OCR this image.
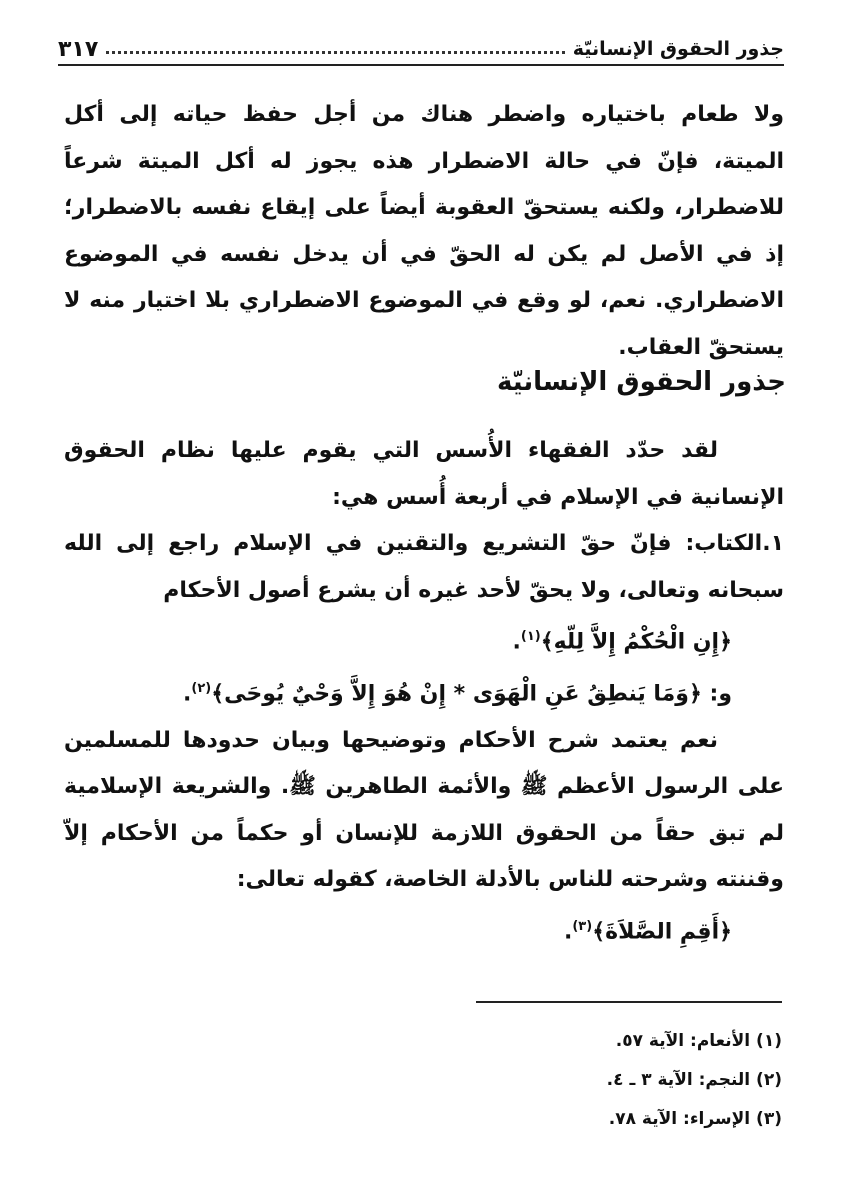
جذور الحقوق الإنسانيّة
٣١٧

ولا طعام باختياره واضطر هناك من أجل حفظ حياته إلى أكل الميتة، فإنّ في حالة الاضطرار هذه يجوز له أكل الميتة شرعاً للاضطرار، ولكنه يستحقّ العقوبة أيضاً على إيقاع نفسه بالاضطرار؛ إذ في الأصل لم يكن له الحقّ في أن يدخل نفسه في الموضوع الاضطراري. نعم، لو وقع في الموضوع الاضطراري بلا اختيار منه لا يستحقّ العقاب.

جذور الحقوق الإنسانيّة

لقد حدّد الفقهاء الأُسس التي يقوم عليها نظام الحقوق الإنسانية في الإسلام في أربعة أُسس هي:

١.الكتاب: فإنّ حقّ التشريع والتقنين في الإسلام راجع إلى الله سبحانه وتعالى، ولا يحقّ لأحد غيره أن يشرع أصول الأحكام

﴿إِنِ الْحُكْمُ إِلاَّ لِلّهِ﴾$^{(١)}$.

و: ﴿وَمَا يَنطِقُ عَنِ الْهَوَى * إِنْ هُوَ إِلاَّ وَحْيٌ يُوحَى﴾$^{(٢)}$.

نعم يعتمد شرح الأحكام وتوضيحها وبيان حدودها للمسلمين على الرسول الأعظم ﷺ والأئمة الطاهرين ﷺ. والشريعة الإسلامية لم تبق حقاً من الحقوق اللازمة للإنسان أو حكماً من الأحكام إلاّ وقننته وشرحته للناس بالأدلة الخاصة، كقوله تعالى:

﴿أَقِمِ الصَّلاَةَ﴾$^{(٣)}$.

(١) الأنعام: الآية ٥٧.
(٢) النجم: الآية ٣ ـ ٤.
(٣) الإسراء: الآية ٧٨.
